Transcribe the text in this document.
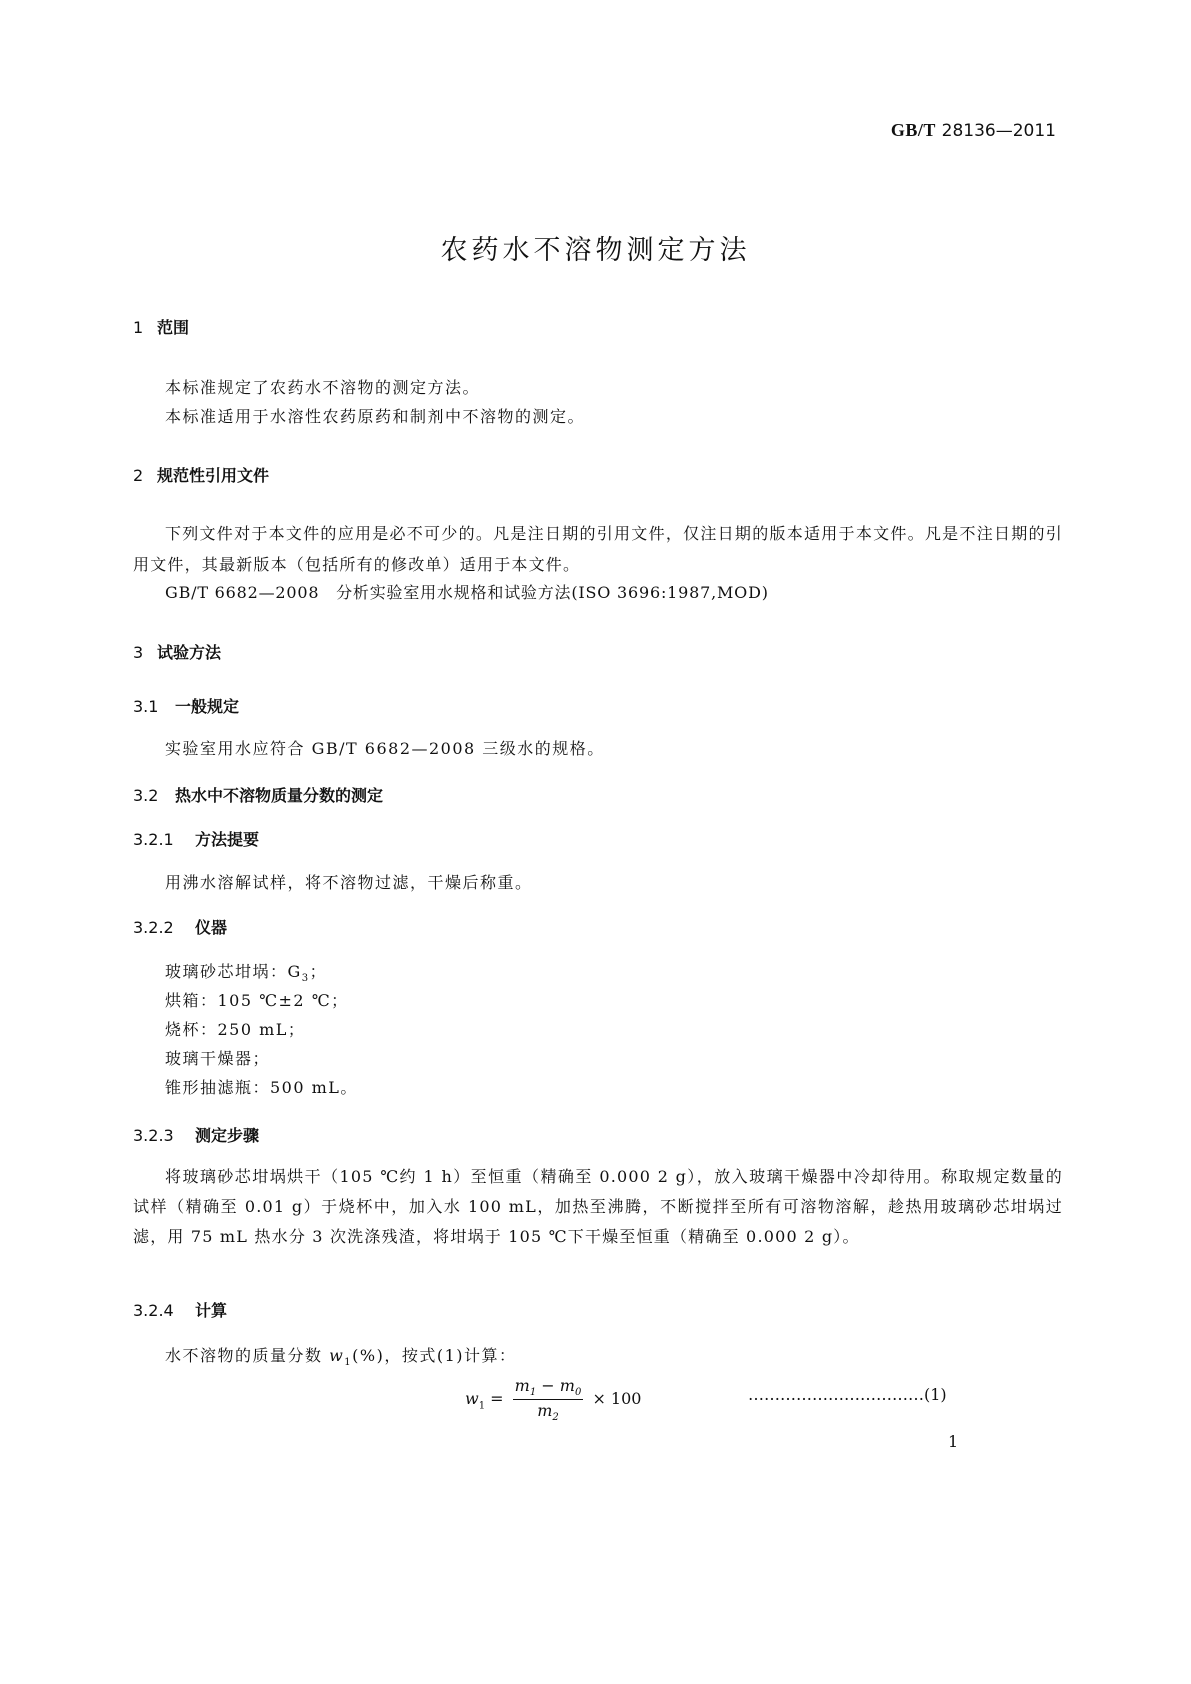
GB/T 28136—2011
农药水不溶物测定方法
1 范围
本标准规定了农药水不溶物的测定方法。
本标准适用于水溶性农药原药和制剂中不溶物的测定。
2 规范性引用文件
下列文件对于本文件的应用是必不可少的。凡是注日期的引用文件，仅注日期的版本适用于本文件。凡是不注日期的引用文件，其最新版本（包括所有的修改单）适用于本文件。
GB/T 6682—2008　分析实验室用水规格和试验方法(ISO 3696:1987,MOD)
3 试验方法
3.1 一般规定
实验室用水应符合 GB/T 6682—2008 三级水的规格。
3.2 热水中不溶物质量分数的测定
3.2.1 方法提要
用沸水溶解试样，将不溶物过滤，干燥后称重。
3.2.2 仪器
玻璃砂芯坩埚：$G_3$；
烘箱：105 ℃±2 ℃；
烧杯：250 mL；
玻璃干燥器；
锥形抽滤瓶：500 mL。
3.2.3 测定步骤
将玻璃砂芯坩埚烘干（105 ℃约 1 h）至恒重（精确至 0.000 2 g），放入玻璃干燥器中冷却待用。称取规定数量的试样（精确至 0.01 g）于烧杯中，加入水 100 mL，加热至沸腾，不断搅拌至所有可溶物溶解，趁热用玻璃砂芯坩埚过滤，用 75 mL 热水分 3 次洗涤残渣，将坩埚于 105 ℃下干燥至恒重（精确至 0.000 2 g）。
3.2.4 计算
水不溶物的质量分数 $w_1(\%)$，按式(1)计算：
$w_1 = \frac{m_1 - m_0}{m_2} \times 100$	……………………………(1)
1
